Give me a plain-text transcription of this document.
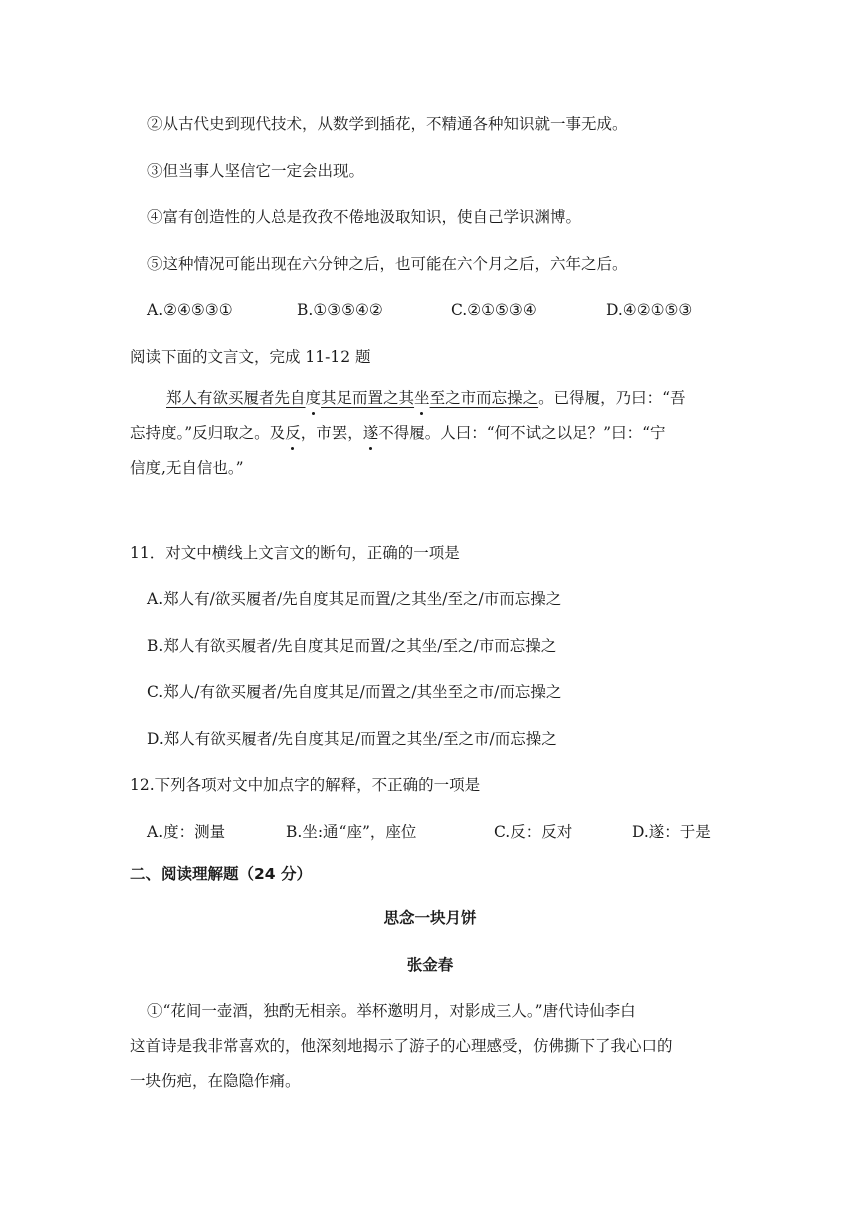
②从古代史到现代技术，从数学到插花，不精通各种知识就一事无成。
③但当事人坚信它一定会出现。
④富有创造性的人总是孜孜不倦地汲取知识，使自己学识渊博。
⑤这种情况可能出现在六分钟之后，也可能在六个月之后，六年之后。
A.②④⑤③①	B.①③⑤④②	C.②①⑤③④	D.④②①⑤③
阅读下面的文言文，完成 11-12 题
郑人有欲买履者先自度其足而置之其坐至之市而忘操之。已得履，乃曰：“吾
忘持度。”反归取之。及反，市罢，遂不得履。人曰：“何不试之以足？”曰：“宁
信度,无自信也。”
11．对文中横线上文言文的断句，正确的一项是
A.郑人有/欲买履者/先自度其足而置/之其坐/至之/市而忘操之
B.郑人有欲买履者/先自度其足而置/之其坐/至之/市而忘操之
C.郑人/有欲买履者/先自度其足/而置之/其坐至之市/而忘操之
D.郑人有欲买履者/先自度其足/而置之其坐/至之市/而忘操之
12.下列各项对文中加点字的解释，不正确的一项是
A.度：测量	B.坐:通“座”，座位	C.反：反对	D.遂：于是
二、阅读理解题（24 分）
思念一块月饼
张金春
①“花间一壶酒，独酌无相亲。举杯邀明月，对影成三人。”唐代诗仙李白
这首诗是我非常喜欢的，他深刻地揭示了游子的心理感受，仿佛撕下了我心口的
一块伤疤，在隐隐作痛。
